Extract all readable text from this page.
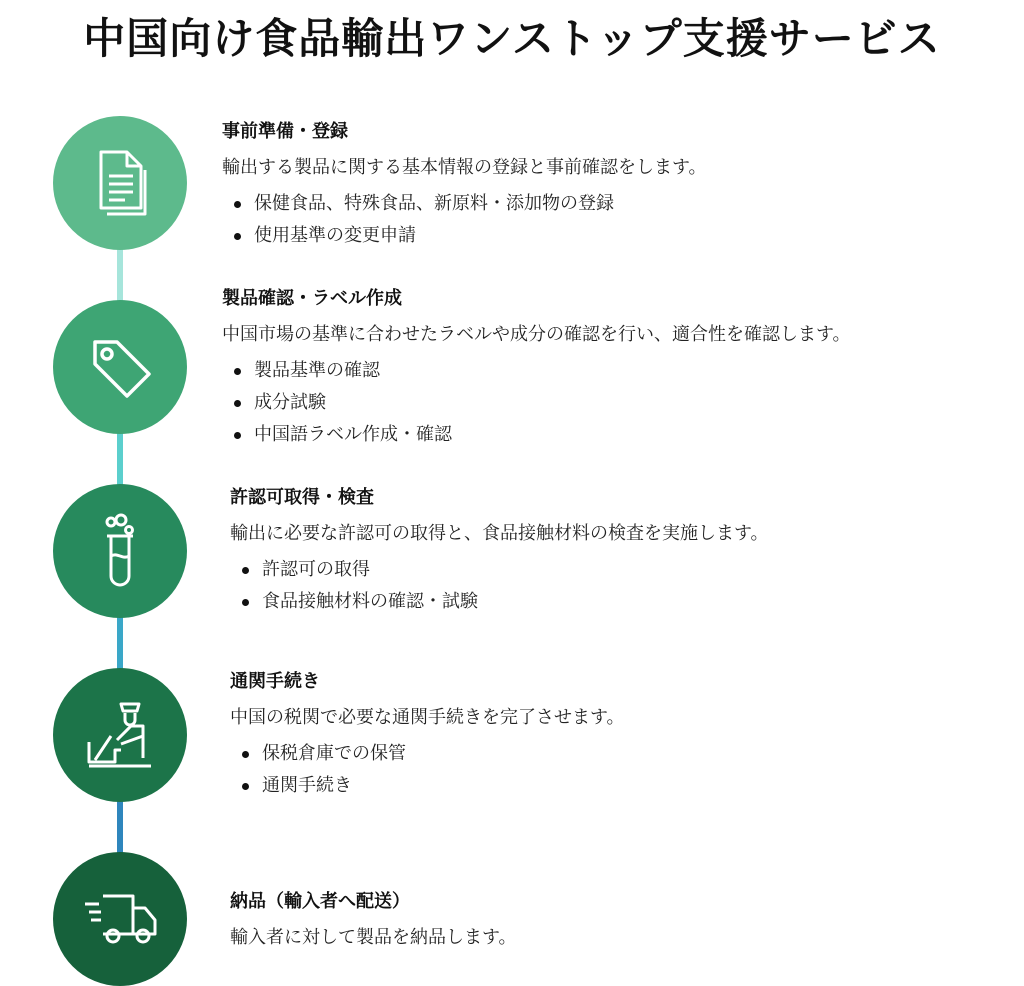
中国向け食品輸出ワンストップ支援サービス
事前準備・登録
輸出する製品に関する基本情報の登録と事前確認をします。
保健食品、特殊食品、新原料・添加物の登録
使用基準の変更申請
製品確認・ラベル作成
中国市場の基準に合わせたラベルや成分の確認を行い、適合性を確認します。
製品基準の確認
成分試験
中国語ラベル作成・確認
許認可取得・検査
輸出に必要な許認可の取得と、食品接触材料の検査を実施します。
許認可の取得
食品接触材料の確認・試験
通関手続き
中国の税関で必要な通関手続きを完了させます。
保税倉庫での保管
通関手続き
納品（輸入者へ配送）
輸入者に対して製品を納品します。
